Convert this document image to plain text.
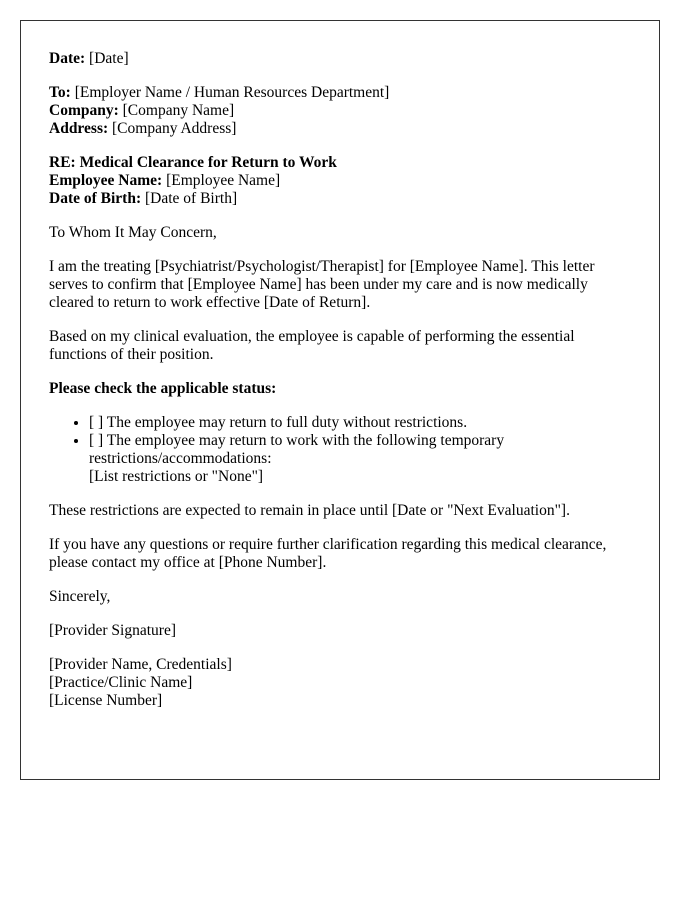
Date: [Date]
To: [Employer Name / Human Resources Department]
Company: [Company Name]
Address: [Company Address]
RE: Medical Clearance for Return to Work
Employee Name: [Employee Name]
Date of Birth: [Date of Birth]

To Whom It May Concern,

I am the treating [Psychiatrist/Psychologist/Therapist] for [Employee Name]. This letter
serves to confirm that [Employee Name] has been under my care and is now medically
cleared to return to work effective [Date of Return].

Based on my clinical evaluation, the employee is capable of performing the essential
functions of their position.

Please check the applicable status:

• [ ] The employee may return to full duty without restrictions.
• [ ] The employee may return to work with the following temporary
restrictions/accommodations:
[List restrictions or "None"]

These restrictions are expected to remain in place until [Date or "Next Evaluation"].

If you have any questions or require further clarification regarding this medical clearance,
please contact my office at [Phone Number].

Sincerely,

[Provider Signature]

[Provider Name, Credentials]
[Practice/Clinic Name]
[License Number]
